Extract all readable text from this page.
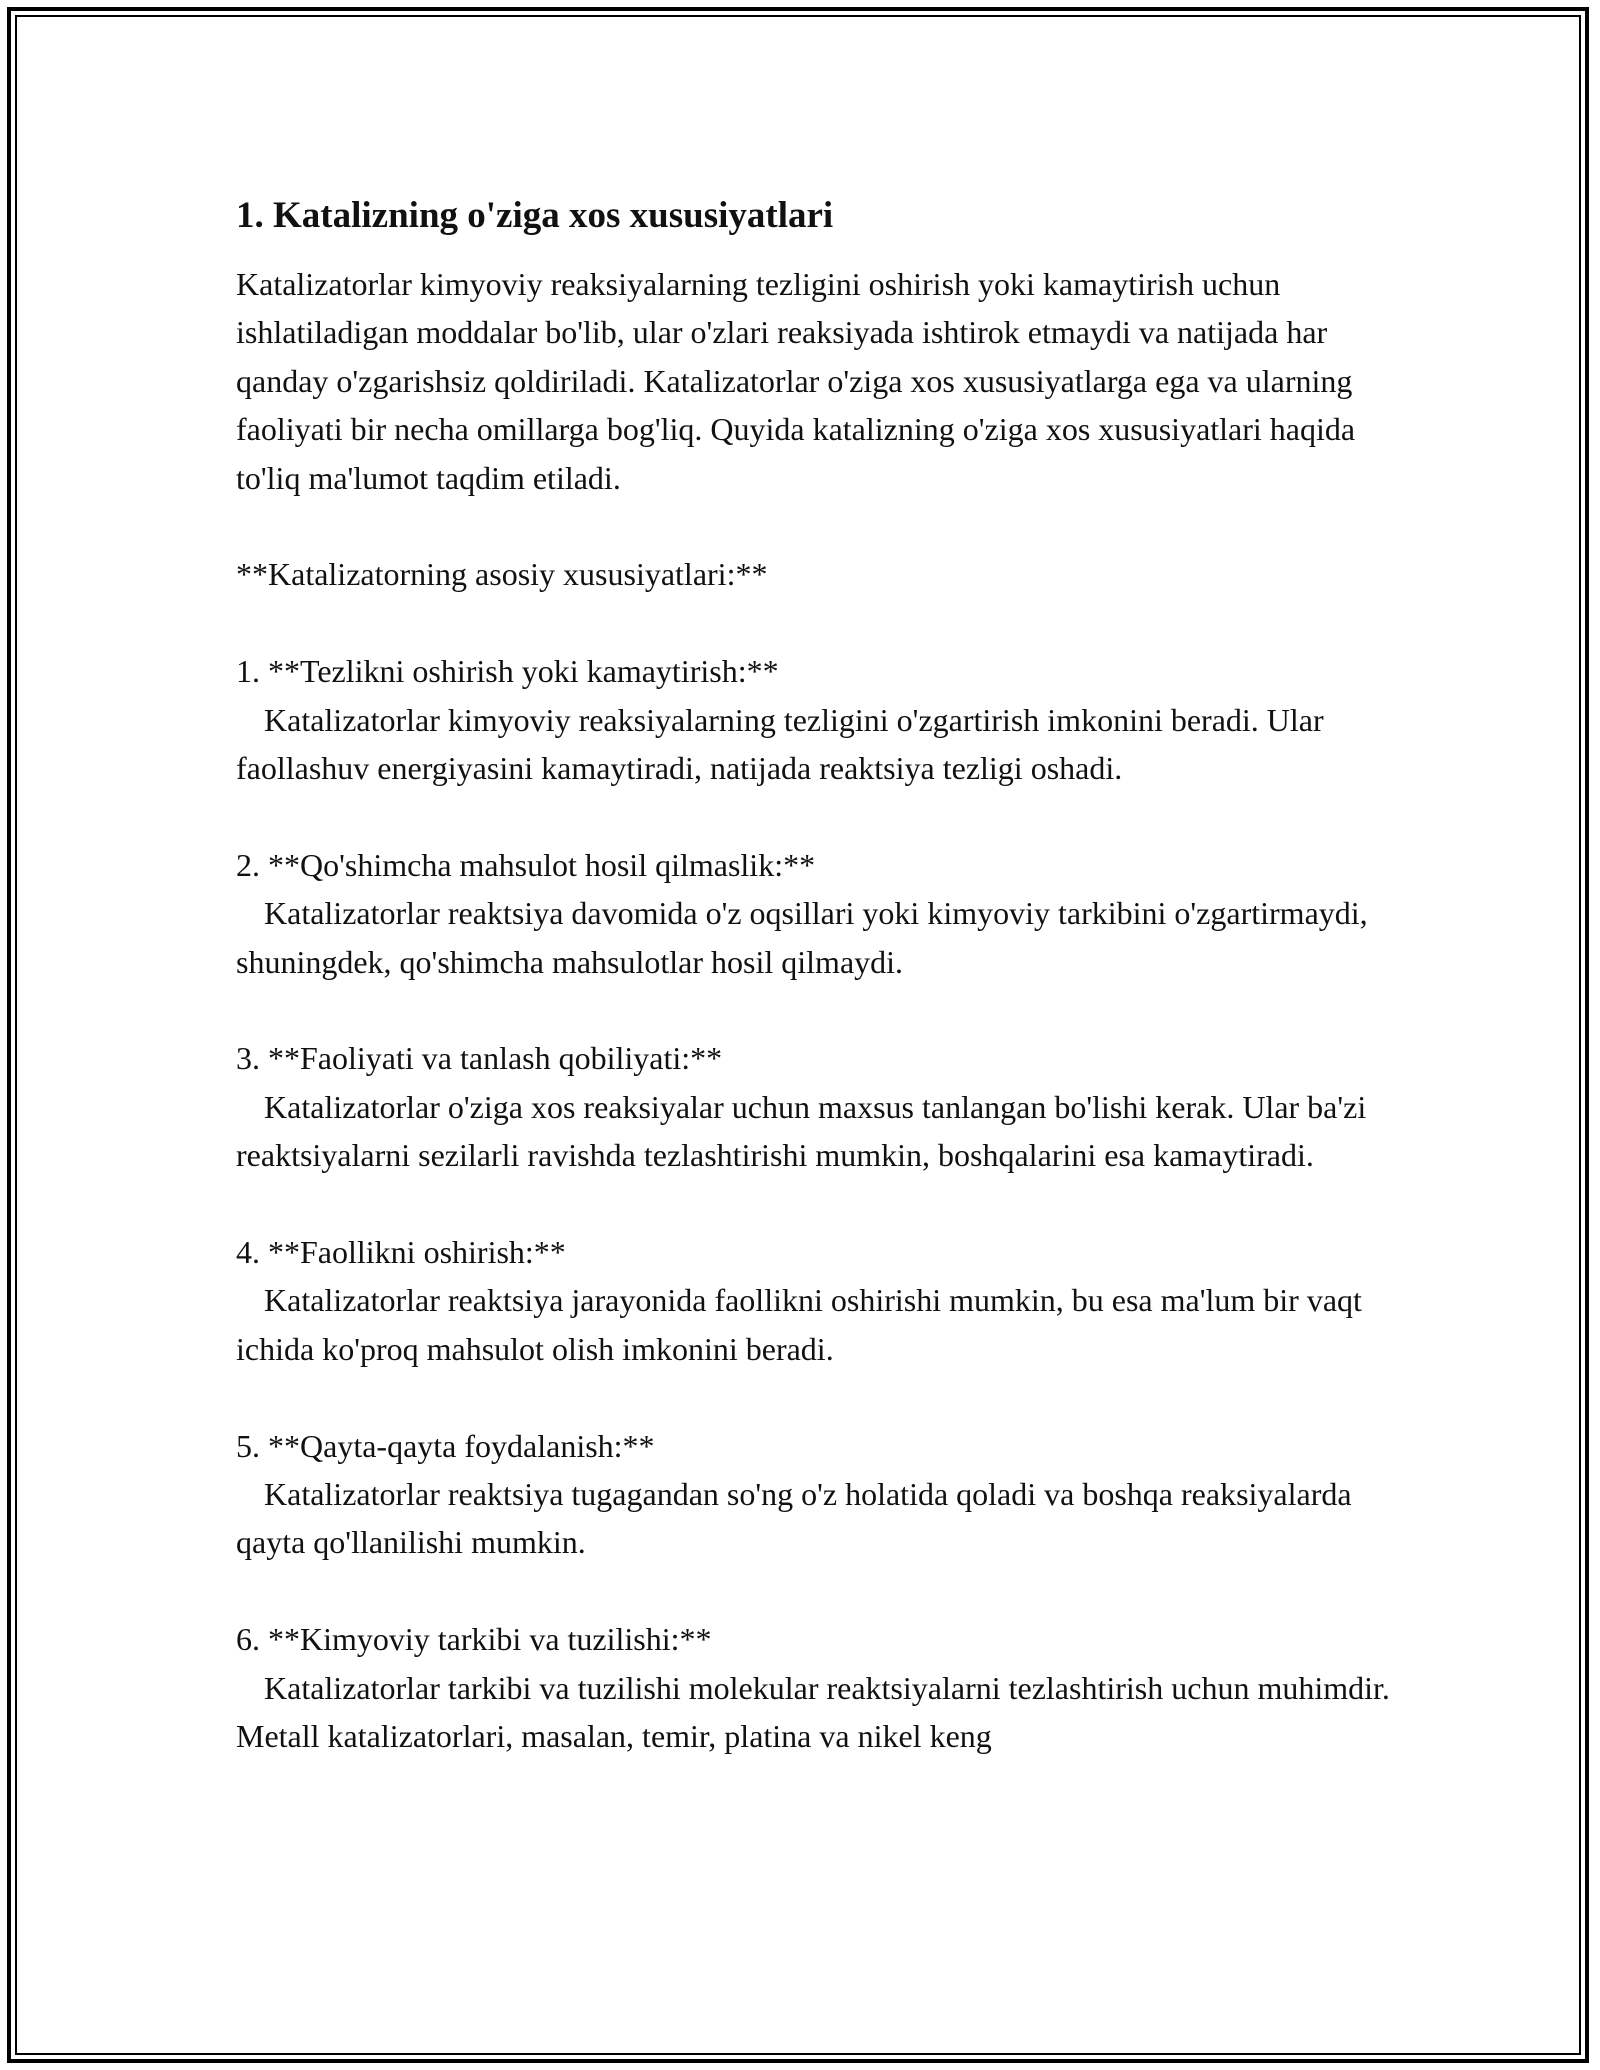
1. Katalizning o'ziga xos xususiyatlari

Katalizatorlar kimyoviy reaksiyalarning tezligini oshirish yoki kamaytirish uchun ishlatiladigan moddalar bo'lib, ular o'zlari reaksiyada ishtirok etmaydi va natijada har qanday o'zgarishsiz qoldiriladi. Katalizatorlar o'ziga xos xususiyatlarga ega va ularning faoliyati bir necha omillarga bog'liq. Quyida katalizning o'ziga xos xususiyatlari haqida to'liq ma'lumot taqdim etiladi.

**Katalizatorning asosiy xususiyatlari:**

1. **Tezlikni oshirish yoki kamaytirish:**

Katalizatorlar kimyoviy reaksiyalarning tezligini o'zgartirish imkonini beradi. Ular faollashuv energiyasini kamaytiradi, natijada reaktsiya tezligi oshadi.

2. **Qo'shimcha mahsulot hosil qilmaslik:**

Katalizatorlar reaktsiya davomida o'z oqsillari yoki kimyoviy tarkibini o'zgartirmaydi, shuningdek, qo'shimcha mahsulotlar hosil qilmaydi.

3. **Faoliyati va tanlash qobiliyati:**

Katalizatorlar o'ziga xos reaksiyalar uchun maxsus tanlangan bo'lishi kerak. Ular ba'zi reaktsiyalarni sezilarli ravishda tezlashtirishi mumkin, boshqalarini esa kamaytiradi.

4. **Faollikni oshirish:**

Katalizatorlar reaktsiya jarayonida faollikni oshirishi mumkin, bu esa ma'lum bir vaqt ichida ko'proq mahsulot olish imkonini beradi.

5. **Qayta-qayta foydalanish:**

Katalizatorlar reaktsiya tugagandan so'ng o'z holatida qoladi va boshqa reaksiyalarda qayta qo'llanilishi mumkin.

6. **Kimyoviy tarkibi va tuzilishi:**

Katalizatorlar tarkibi va tuzilishi molekular reaktsiyalarni tezlashtirish uchun muhimdir. Metall katalizatorlari, masalan, temir, platina va nikel keng
